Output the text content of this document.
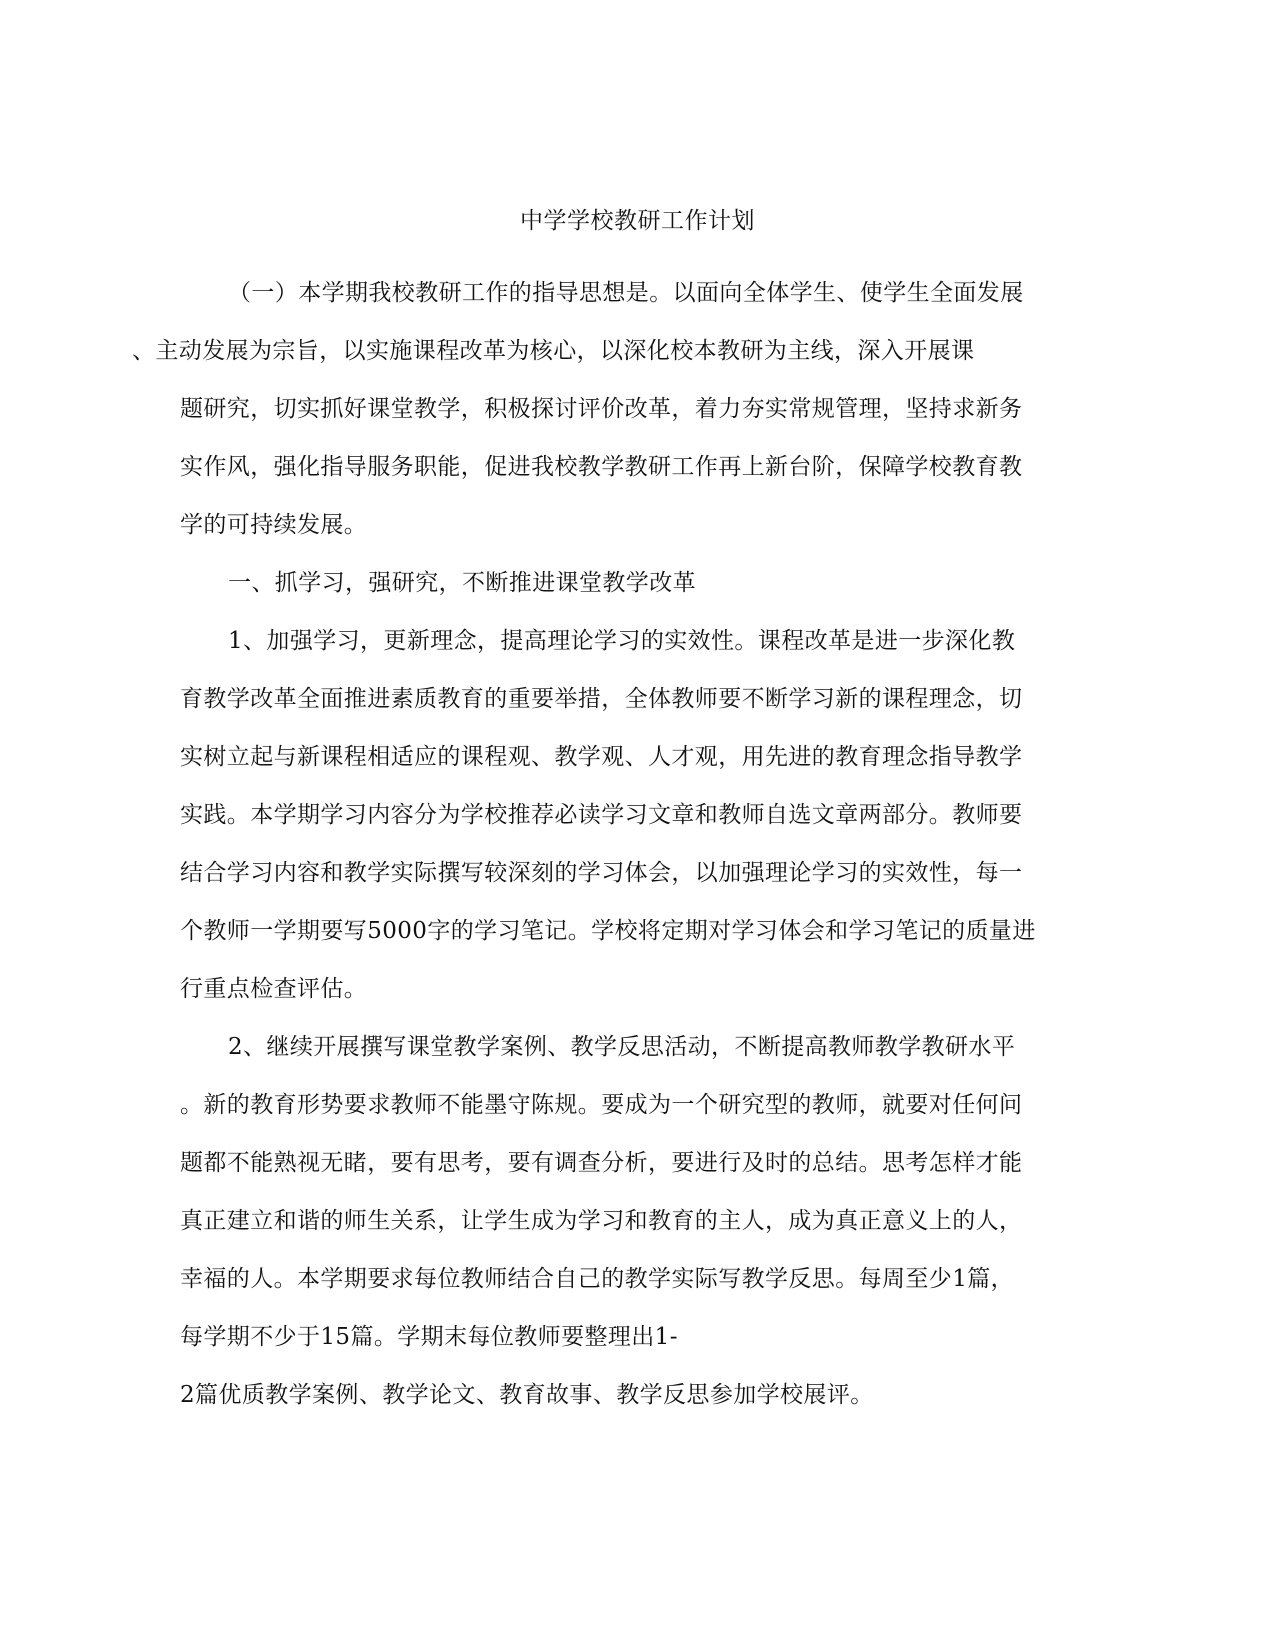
中学学校教研工作计划

（一）本学期我校教研工作的指导思想是。以面向全体学生、使学生全面发展
、主动发展为宗旨，以实施课程改革为核心，以深化校本教研为主线，深入开展课
题研究，切实抓好课堂教学，积极探讨评价改革，着力夯实常规管理，坚持求新务
实作风，强化指导服务职能，促进我校教学教研工作再上新台阶，保障学校教育教
学的可持续发展。

一、抓学习，强研究，不断推进课堂教学改革

1、加强学习，更新理念，提高理论学习的实效性。课程改革是进一步深化教
育教学改革全面推进素质教育的重要举措，全体教师要不断学习新的课程理念，切
实树立起与新课程相适应的课程观、教学观、人才观，用先进的教育理念指导教学
实践。本学期学习内容分为学校推荐必读学习文章和教师自选文章两部分。教师要
结合学习内容和教学实际撰写较深刻的学习体会，以加强理论学习的实效性，每一
个教师一学期要写5000字的学习笔记。学校将定期对学习体会和学习笔记的质量进
行重点检查评估。

2、继续开展撰写课堂教学案例、教学反思活动，不断提高教师教学教研水平
。新的教育形势要求教师不能墨守陈规。要成为一个研究型的教师，就要对任何问
题都不能熟视无睹，要有思考，要有调查分析，要进行及时的总结。思考怎样才能
真正建立和谐的师生关系，让学生成为学习和教育的主人，成为真正意义上的人，
幸福的人。本学期要求每位教师结合自己的教学实际写教学反思。每周至少1篇，
每学期不少于15篇。学期末每位教师要整理出1-
2篇优质教学案例、教学论文、教育故事、教学反思参加学校展评。
